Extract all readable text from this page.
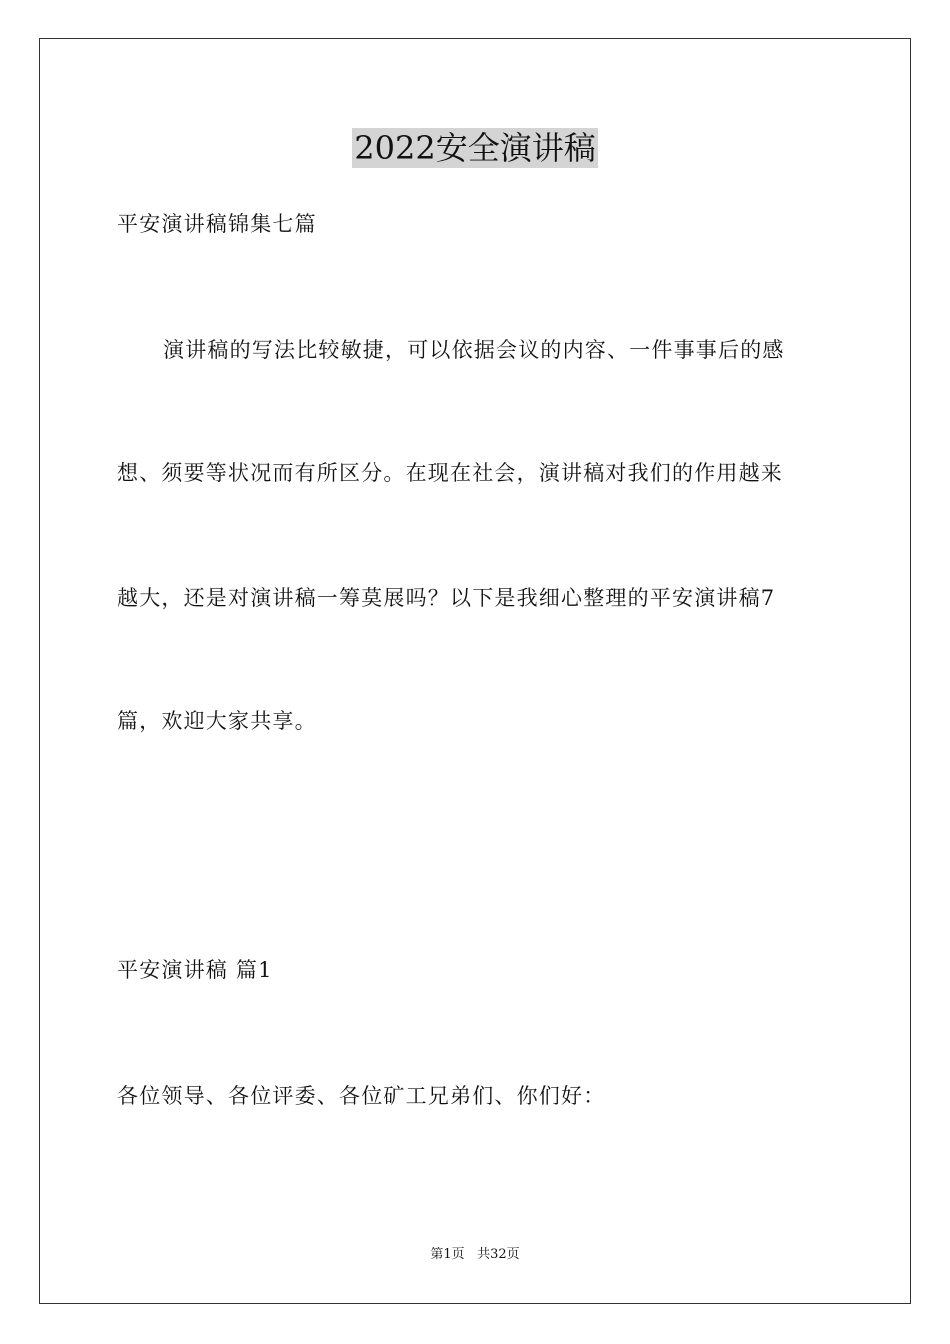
2022安全演讲稿
平安演讲稿锦集七篇
演讲稿的写法比较敏捷，可以依据会议的内容、一件事事后的感
想、须要等状况而有所区分。在现在社会，演讲稿对我们的作用越来
越大，还是对演讲稿一筹莫展吗？以下是我细心整理的平安演讲稿7
篇，欢迎大家共享。
平安演讲稿 篇1
各位领导、各位评委、各位矿工兄弟们、你们好：
第1页 共32页
